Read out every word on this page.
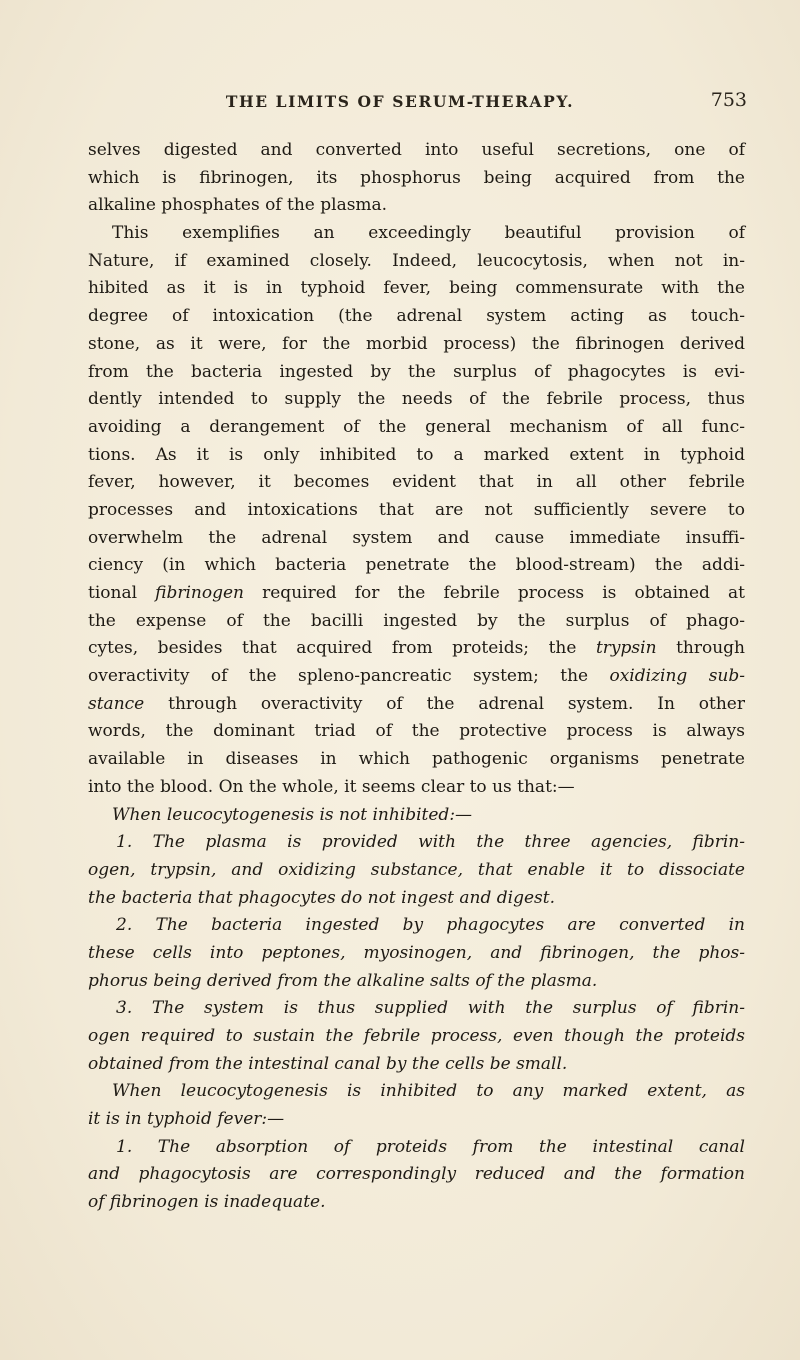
THE LIMITS OF SERUM-THERAPY.	753
selves digested and converted into useful secretions, one of
which is fibrinogen, its phosphorus being acquired from the
alkaline phosphates of the plasma.
This exemplifies an exceedingly beautiful provision of
Nature, if examined closely. Indeed, leucocytosis, when not in-
hibited as it is in typhoid fever, being commensurate with the
degree of intoxication (the adrenal system acting as touch-
stone, as it were, for the morbid process) the fibrinogen derived
from the bacteria ingested by the surplus of phagocytes is evi-
dently intended to supply the needs of the febrile process, thus
avoiding a derangement of the general mechanism of all func-
tions. As it is only inhibited to a marked extent in typhoid
fever, however, it becomes evident that in all other febrile
processes and intoxications that are not sufficiently severe to
overwhelm the adrenal system and cause immediate insuffi-
ciency (in which bacteria penetrate the blood-stream) the addi-
tional fibrinogen required for the febrile process is obtained at
the expense of the bacilli ingested by the surplus of phago-
cytes, besides that acquired from proteids; the trypsin through
overactivity of the spleno-pancreatic system; the oxidizing sub-
stance through overactivity of the adrenal system. In other
words, the dominant triad of the protective process is always
available in diseases in which pathogenic organisms penetrate
into the blood. On the whole, it seems clear to us that:—
When leucocytogenesis is not inhibited:—
1. The plasma is provided with the three agencies, fibrin-
ogen, trypsin, and oxidizing substance, that enable it to dissociate
the bacteria that phagocytes do not ingest and digest.
2. The bacteria ingested by phagocytes are converted in
these cells into peptones, myosinogen, and fibrinogen, the phos-
phorus being derived from the alkaline salts of the plasma.
3. The system is thus supplied with the surplus of fibrin-
ogen required to sustain the febrile process, even though the proteids
obtained from the intestinal canal by the cells be small.
When leucocytogenesis is inhibited to any marked extent, as
it is in typhoid fever:—
1. The absorption of proteids from the intestinal canal
and phagocytosis are correspondingly reduced and the formation
of fibrinogen is inadequate.
